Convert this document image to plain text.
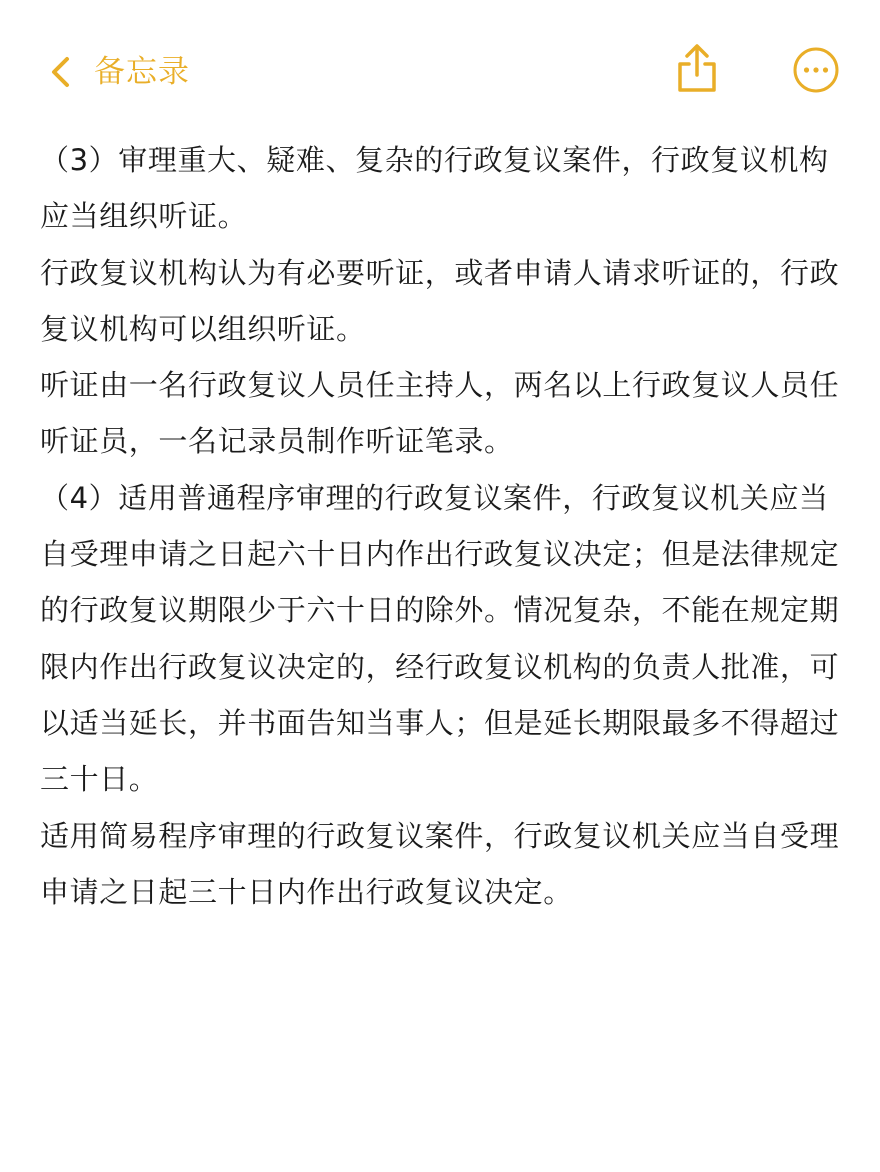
备忘录

（3）审理重大、疑难、复杂的行政复议案件，行政复议机构应当组织听证。

行政复议机构认为有必要听证，或者申请人请求听证的，行政复议机构可以组织听证。

听证由一名行政复议人员任主持人，两名以上行政复议人员任听证员，一名记录员制作听证笔录。

（4）适用普通程序审理的行政复议案件，行政复议机关应当自受理申请之日起六十日内作出行政复议决定；但是法律规定的行政复议期限少于六十日的除外。情况复杂，不能在规定期限内作出行政复议决定的，经行政复议机构的负责人批准，可以适当延长，并书面告知当事人；但是延长期限最多不得超过三十日。

适用简易程序审理的行政复议案件，行政复议机关应当自受理申请之日起三十日内作出行政复议决定。
